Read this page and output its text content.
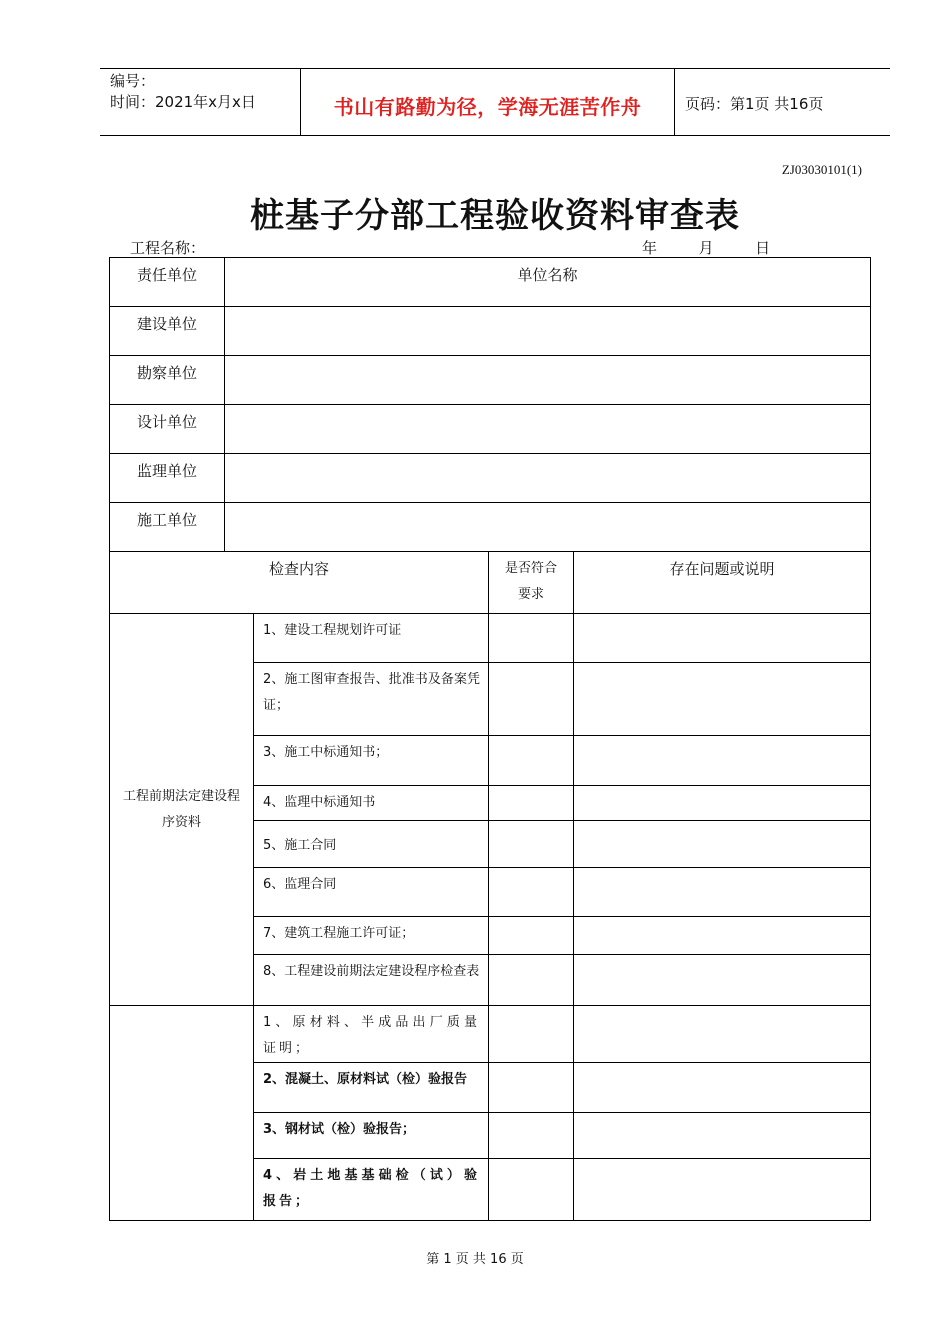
编号：
时间：2021年x月x日	书山有路勤为径，学海无涯苦作舟	页码：第1页 共16页
ZJ03030101(1)
桩基子分部工程验收资料审查表
工程名称：	年	月	日
责任单位	单位名称			
建设单位				
勘察单位				
设计单位				
监理单位				
施工单位				
检查内容			是否符合要求	存在问题或说明

工程前期法定建设程序资料		1、建设工程规划许可证		
		2、施工图审查报告、批准书及备案凭证；		
		3、施工中标通知书；		
		4、监理中标通知书		
		5、施工合同		
		6、监理合同		
		7、建筑工程施工许可证；		
		8、工程建设前期法定建设程序检查表		
		1、原材料、半成品出厂质量证明；		
		2、混凝土、原材料试（检）验报告		
		3、钢材试（检）验报告；		
		4、岩土地基基础检（试）验报告；		
第 1 页 共 16 页
